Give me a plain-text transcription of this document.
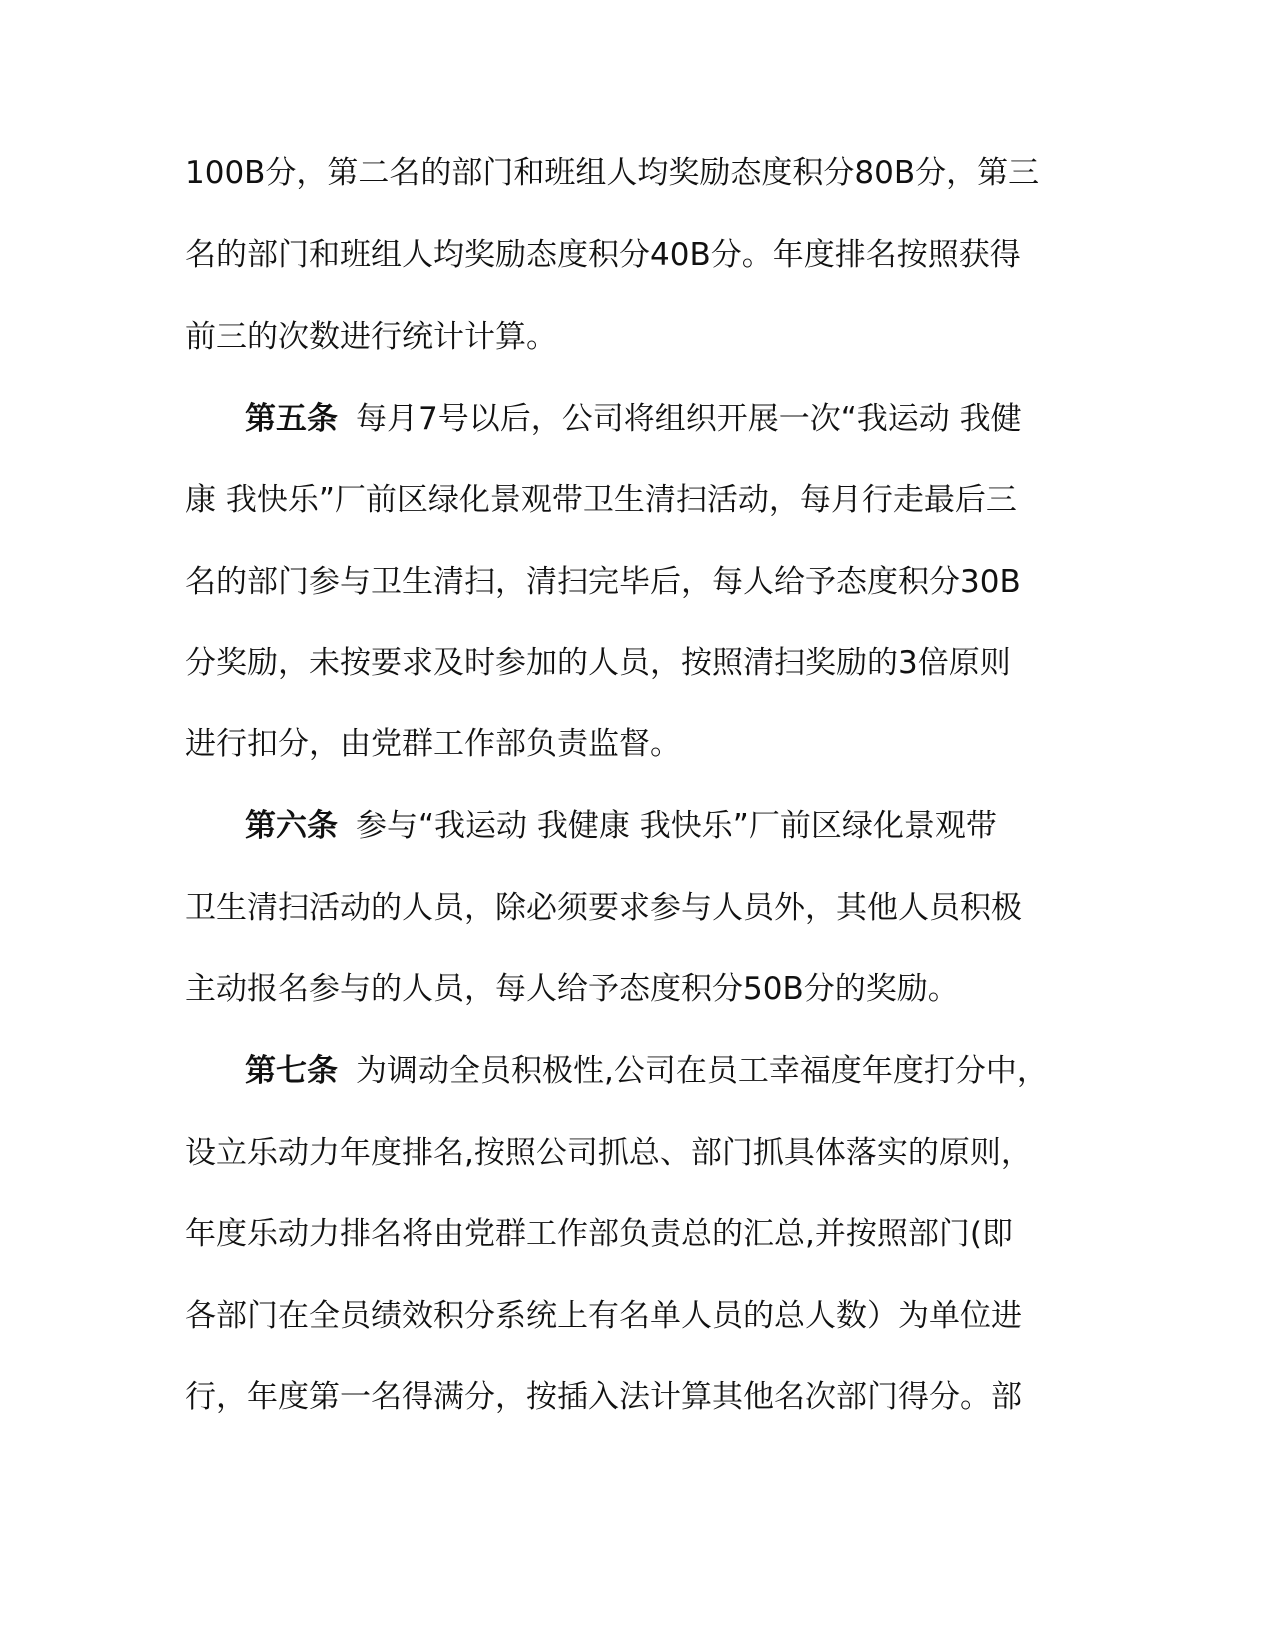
100B分，第二名的部门和班组人均奖励态度积分80B分，第三
名的部门和班组人均奖励态度积分40B分。年度排名按照获得
前三的次数进行统计计算。
第五条 每月7号以后，公司将组织开展一次“我运动 我健
康 我快乐”厂前区绿化景观带卫生清扫活动，每月行走最后三
名的部门参与卫生清扫，清扫完毕后，每人给予态度积分30B
分奖励，未按要求及时参加的人员，按照清扫奖励的3倍原则
进行扣分，由党群工作部负责监督。
第六条 参与“我运动 我健康 我快乐”厂前区绿化景观带
卫生清扫活动的人员，除必须要求参与人员外，其他人员积极
主动报名参与的人员，每人给予态度积分50B分的奖励。
第七条 为调动全员积极性,公司在员工幸福度年度打分中，
设立乐动力年度排名,按照公司抓总、部门抓具体落实的原则，
年度乐动力排名将由党群工作部负责总的汇总,并按照部门(即
各部门在全员绩效积分系统上有名单人员的总人数）为单位进
行，年度第一名得满分，按插入法计算其他名次部门得分。部
